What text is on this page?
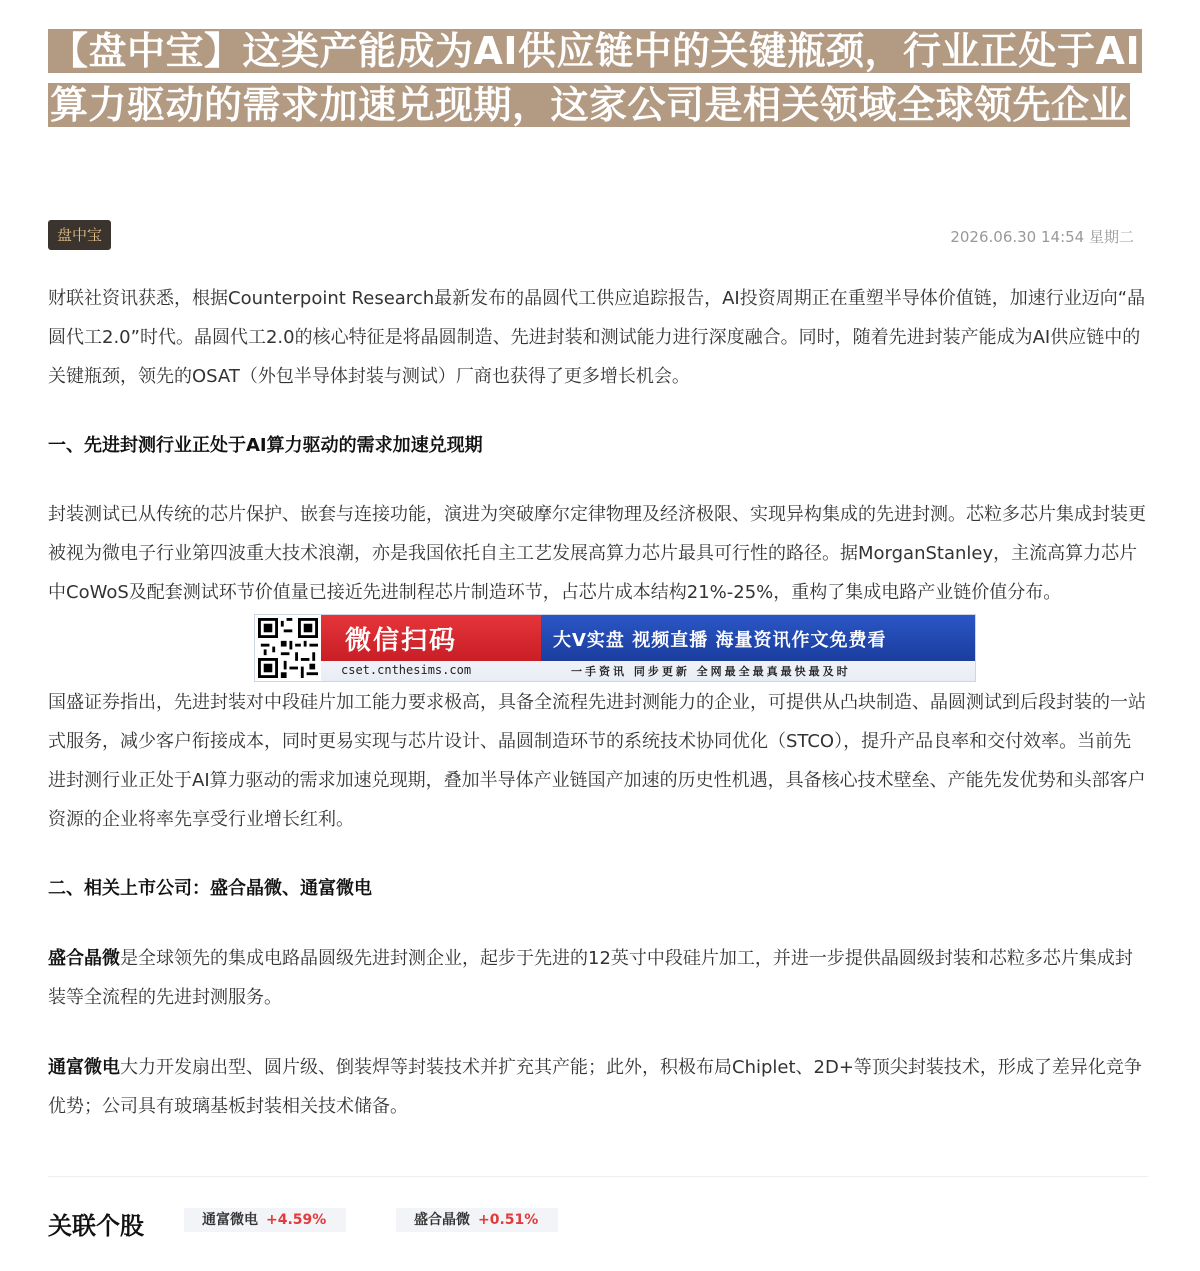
【盘中宝】这类产能成为AI供应链中的关键瓶颈，行业正处于AI算力驱动的需求加速兑现期，这家公司是相关领域全球领先企业
盘中宝	2026.06.30 14:54 星期二

财联社资讯获悉，根据Counterpoint Research最新发布的晶圆代工供应追踪报告，AI投资周期正在重塑半导体价值链，加速行业迈向“晶圆代工2.0”时代。晶圆代工2.0的核心特征是将晶圆制造、先进封装和测试能力进行深度融合。同时，随着先进封装产能成为AI供应链中的关键瓶颈，领先的OSAT（外包半导体封装与测试）厂商也获得了更多增长机会。

一、先进封测行业正处于AI算力驱动的需求加速兑现期

封装测试已从传统的芯片保护、嵌套与连接功能，演进为突破摩尔定律物理及经济极限、实现异构集成的先进封测。芯粒多芯片集成封装更被视为微电子行业第四波重大技术浪潮，亦是我国依托自主工艺发展高算力芯片最具可行性的路径。据MorganStanley，主流高算力芯片中CoWoS及配套测试环节价值量已接近先进制程芯片制造环节，占芯片成本结构21%-25%，重构了集成电路产业链价值分布。

国盛证券指出，先进封装对中段硅片加工能力要求极高，具备全流程先进封测能力的企业，可提供从凸块制造、晶圆测试到后段封装的一站式服务，减少客户衔接成本，同时更易实现与芯片设计、晶圆制造环节的系统技术协同优化（STCO），提升产品良率和交付效率。当前先进封测行业正处于AI算力驱动的需求加速兑现期，叠加半导体产业链国产加速的历史性机遇，具备核心技术壁垒、产能先发优势和头部客户资源的企业将率先享受行业增长红利。

二、相关上市公司：盛合晶微、通富微电

盛合晶微是全球领先的集成电路晶圆级先进封测企业，起步于先进的12英寸中段硅片加工，并进一步提供晶圆级封装和芯粒多芯片集成封装等全流程的先进封测服务。

通富微电大力开发扇出型、圆片级、倒装焊等封装技术并扩充其产能；此外，积极布局Chiplet、2D+等顶尖封装技术，形成了差异化竞争优势；公司具有玻璃基板封装相关技术储备。

关联个股	通富微电 +4.59%	盛合晶微 +0.51%
微信扫码
cset.cnthesims.com
大V实盘 视频直播 海量资讯作文免费看
一手资讯 同步更新 全网最全最真最快最及时
